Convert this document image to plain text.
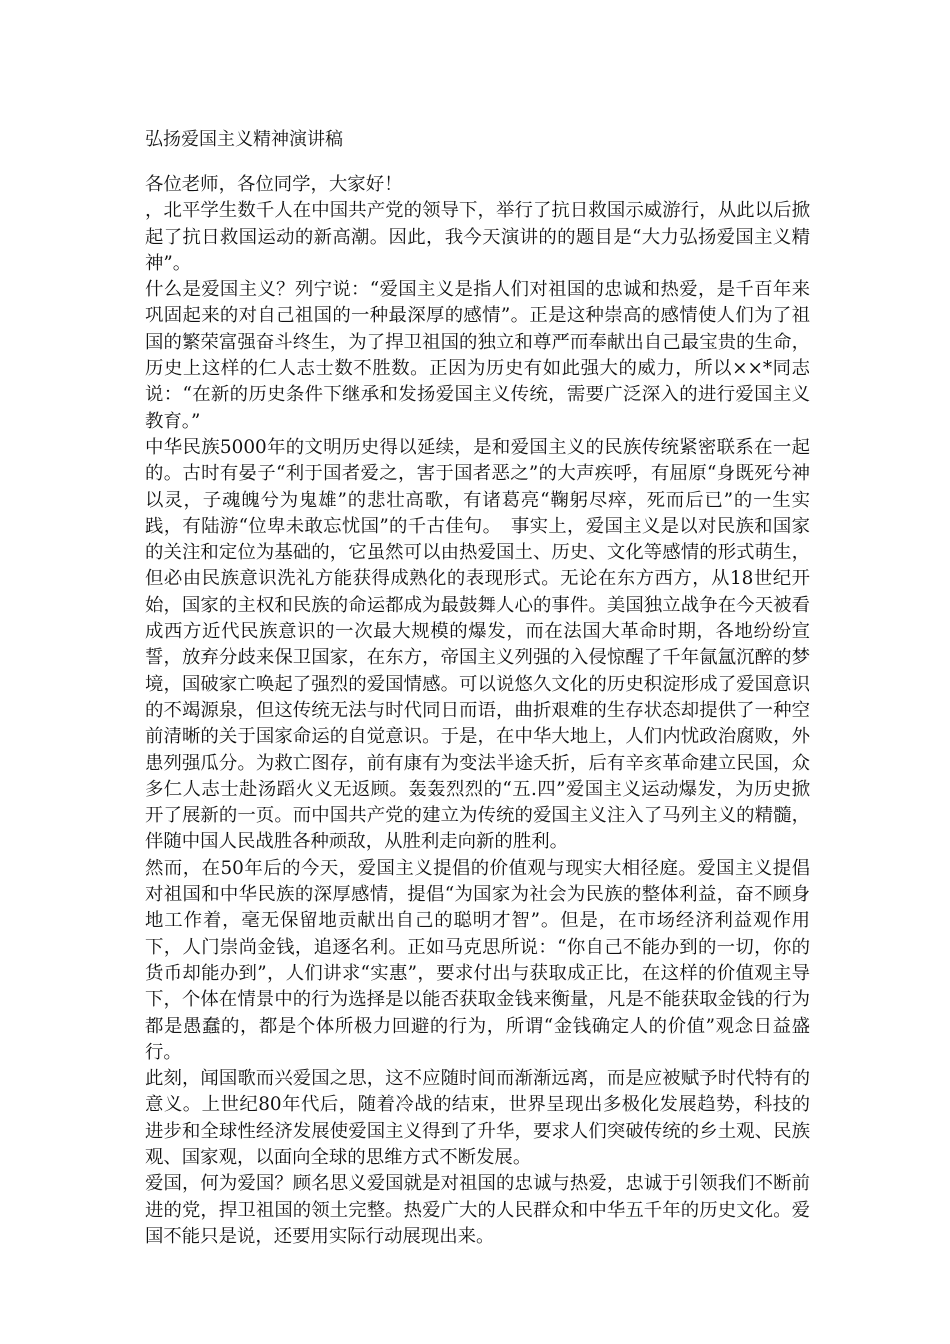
弘扬爱国主义精神演讲稿

各位老师，各位同学，大家好！

，北平学生数千人在中国共产党的领导下，举行了抗日救国示威游行，从此以后掀起了抗日救国运动的新高潮。因此，我今天演讲的的题目是“大力弘扬爱国主义精神”。

什么是爱国主义？列宁说：“爱国主义是指人们对祖国的忠诚和热爱，是千百年来巩固起来的对自己祖国的一种最深厚的感情”。正是这种崇高的感情使人们为了祖国的繁荣富强奋斗终生，为了捍卫祖国的独立和尊严而奉献出自己最宝贵的生命，历史上这样的仁人志士数不胜数。正因为历史有如此强大的威力，所以××*同志说：“在新的历史条件下继承和发扬爱国主义传统，需要广泛深入的进行爱国主义教育。”

中华民族5000年的文明历史得以延续，是和爱国主义的民族传统紧密联系在一起的。古时有晏子“利于国者爱之，害于国者恶之”的大声疾呼，有屈原“身既死兮神以灵，子魂魄兮为鬼雄”的悲壮高歌，有诸葛亮“鞠躬尽瘁，死而后已”的一生实践，有陆游“位卑未敢忘忧国”的千古佳句。　事实上，爱国主义是以对民族和国家的关注和定位为基础的，它虽然可以由热爱国土、历史、文化等感情的形式萌生，但必由民族意识洗礼方能获得成熟化的表现形式。无论在东方西方，从18世纪开始，国家的主权和民族的命运都成为最鼓舞人心的事件。美国独立战争在今天被看成西方近代民族意识的一次最大规模的爆发，而在法国大革命时期，各地纷纷宣誓，放弃分歧来保卫国家，在东方，帝国主义列强的入侵惊醒了千年氤氲沉醉的梦境，国破家亡唤起了强烈的爱国情感。可以说悠久文化的历史积淀形成了爱国意识的不竭源泉，但这传统无法与时代同日而语，曲折艰难的生存状态却提供了一种空前清晰的关于国家命运的自觉意识。于是，在中华大地上，人们内忧政治腐败，外患列强瓜分。为救亡图存，前有康有为变法半途夭折，后有辛亥革命建立民国，众多仁人志士赴汤蹈火义无返顾。轰轰烈烈的“五.四”爱国主义运动爆发，为历史掀开了展新的一页。而中国共产党的建立为传统的爱国主义注入了马列主义的精髓，伴随中国人民战胜各种顽敌，从胜利走向新的胜利。

然而，在50年后的今天，爱国主义提倡的价值观与现实大相径庭。爱国主义提倡对祖国和中华民族的深厚感情，提倡“为国家为社会为民族的整体利益，奋不顾身地工作着，毫无保留地贡献出自己的聪明才智”。但是，在市场经济利益观作用下，人门崇尚金钱，追逐名利。正如马克思所说：“你自己不能办到的一切，你的货币却能办到”，人们讲求“实惠”，要求付出与获取成正比，在这样的价值观主导下，个体在情景中的行为选择是以能否获取金钱来衡量，凡是不能获取金钱的行为都是愚蠢的，都是个体所极力回避的行为，所谓“金钱确定人的价值”观念日益盛行。

此刻，闻国歌而兴爱国之思，这不应随时间而渐渐远离，而是应被赋予时代特有的意义。上世纪80年代后，随着冷战的结束，世界呈现出多极化发展趋势，科技的进步和全球性经济发展使爱国主义得到了升华，要求人们突破传统的乡土观、民族观、国家观，以面向全球的思维方式不断发展。

爱国，何为爱国？顾名思义爱国就是对祖国的忠诚与热爱，忠诚于引领我们不断前进的党，捍卫祖国的领土完整。热爱广大的人民群众和中华五千年的历史文化。爱国不能只是说，还要用实际行动展现出来。
